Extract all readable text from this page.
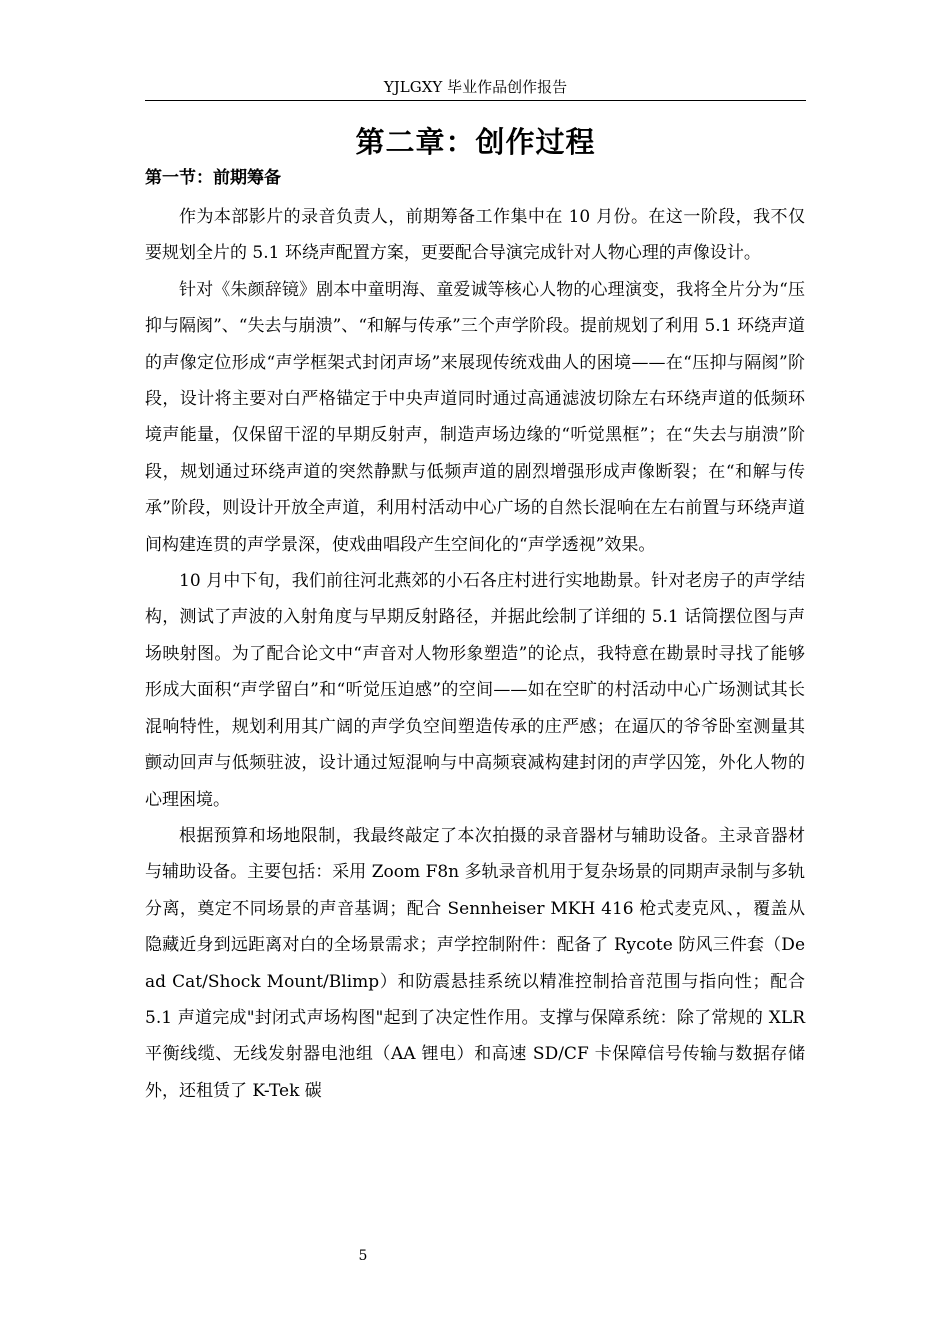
YJLGXY 毕业作品创作报告
第二章：创作过程
第一节：前期筹备

作为本部影片的录音负责人，前期筹备工作集中在 10 月份。在这一阶段，我不仅要规划全片的 5.1 环绕声配置方案，更要配合导演完成针对人物心理的声像设计。

针对《朱颜辞镜》剧本中童明海、童爱诚等核心人物的心理演变，我将全片分为“压抑与隔阂”、“失去与崩溃”、“和解与传承”三个声学阶段。提前规划了利用 5.1 环绕声道的声像定位形成“声学框架式封闭声场”来展现传统戏曲人的困境——在“压抑与隔阂”阶段，设计将主要对白严格锚定于中央声道同时通过高通滤波切除左右环绕声道的低频环境声能量，仅保留干涩的早期反射声，制造声场边缘的“听觉黑框”；在“失去与崩溃”阶段，规划通过环绕声道的突然静默与低频声道的剧烈增强形成声像断裂；在“和解与传承”阶段，则设计开放全声道，利用村活动中心广场的自然长混响在左右前置与环绕声道间构建连贯的声学景深，使戏曲唱段产生空间化的“声学透视”效果。

10 月中下旬，我们前往河北燕郊的小石各庄村进行实地勘景。针对老房子的声学结构，测试了声波的入射角度与早期反射路径，并据此绘制了详细的 5.1 话筒摆位图与声场映射图。为了配合论文中“声音对人物形象塑造”的论点，我特意在勘景时寻找了能够形成大面积“声学留白”和“听觉压迫感”的空间——如在空旷的村活动中心广场测试其长混响特性，规划利用其广阔的声学负空间塑造传承的庄严感；在逼仄的爷爷卧室测量其颤动回声与低频驻波，设计通过短混响与中高频衰减构建封闭的声学囚笼，外化人物的心理困境。

根据预算和场地限制，我最终敲定了本次拍摄的录音器材与辅助设备。主录音器材与辅助设备。主要包括：采用 Zoom F8n 多轨录音机用于复杂场景的同期声录制与多轨分离，奠定不同场景的声音基调；配合 Sennheiser MKH 416 枪式麦克风、，覆盖从隐藏近身到远距离对白的全场景需求；声学控制附件：配备了 Rycote 防风三件套（Dead Cat/Shock Mount/Blimp）和防震悬挂系统以精准控制拾音范围与指向性；配合 5.1 声道完成"封闭式声场构图"起到了决定性作用。支撑与保障系统：除了常规的 XLR 平衡线缆、无线发射器电池组（AA 锂电）和高速 SD/CF 卡保障信号传输与数据存储外，还租赁了 K-Tek 碳

5
